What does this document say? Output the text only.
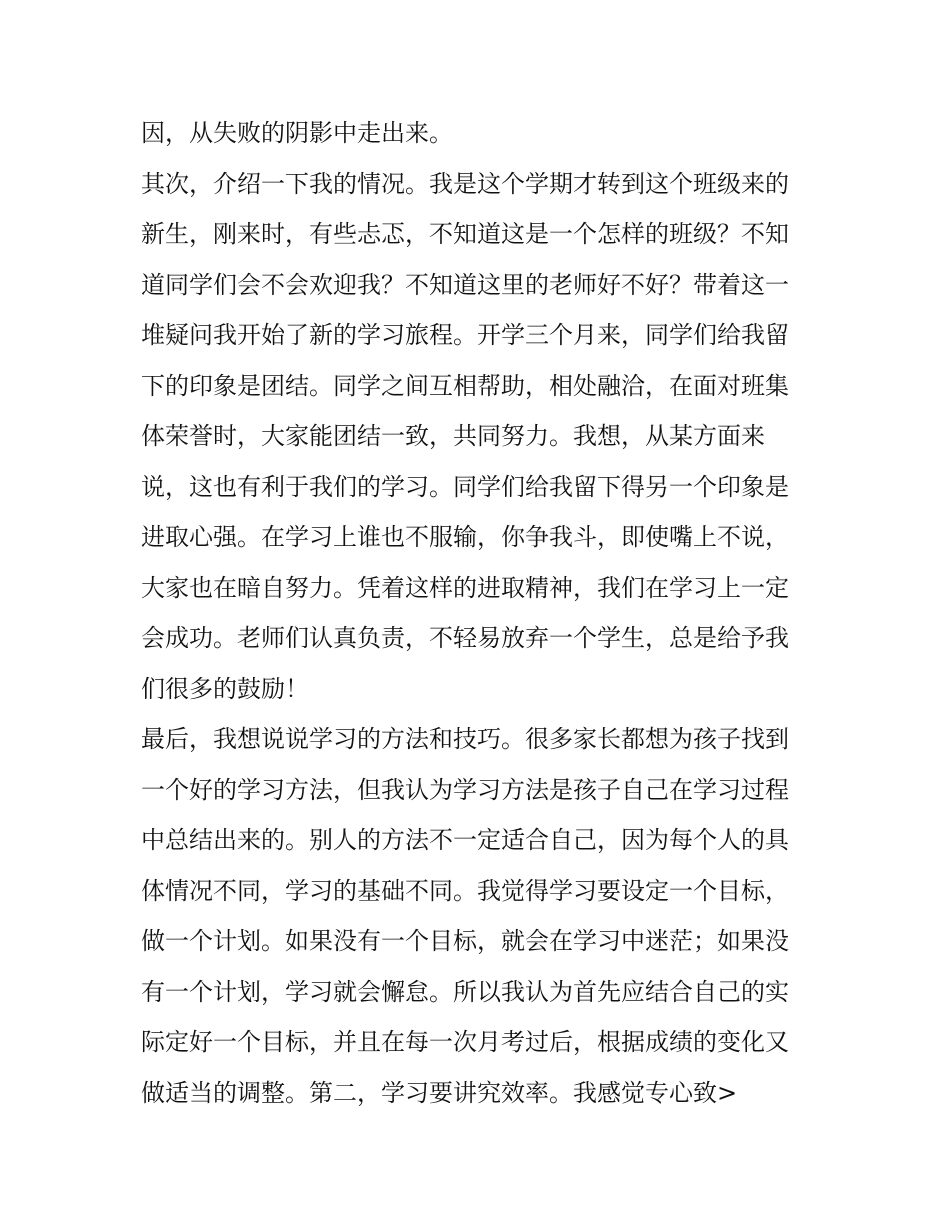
因，从失败的阴影中走出来。
其次，介绍一下我的情况。我是这个学期才转到这个班级来的
新生，刚来时，有些忐忑，不知道这是一个怎样的班级？不知
道同学们会不会欢迎我？不知道这里的老师好不好？带着这一
堆疑问我开始了新的学习旅程。开学三个月来，同学们给我留
下的印象是团结。同学之间互相帮助，相处融洽，在面对班集
体荣誉时，大家能团结一致，共同努力。我想，从某方面来
说，这也有利于我们的学习。同学们给我留下得另一个印象是
进取心强。在学习上谁也不服输，你争我斗，即使嘴上不说，
大家也在暗自努力。凭着这样的进取精神，我们在学习上一定
会成功。老师们认真负责，不轻易放弃一个学生，总是给予我
们很多的鼓励！
最后，我想说说学习的方法和技巧。很多家长都想为孩子找到
一个好的学习方法，但我认为学习方法是孩子自己在学习过程
中总结出来的。别人的方法不一定适合自己，因为每个人的具
体情况不同，学习的基础不同。我觉得学习要设定一个目标，
做一个计划。如果没有一个目标，就会在学习中迷茫；如果没
有一个计划，学习就会懈怠。所以我认为首先应结合自己的实
际定好一个目标，并且在每一次月考过后，根据成绩的变化又
做适当的调整。第二，学习要讲究效率。我感觉专心致>
